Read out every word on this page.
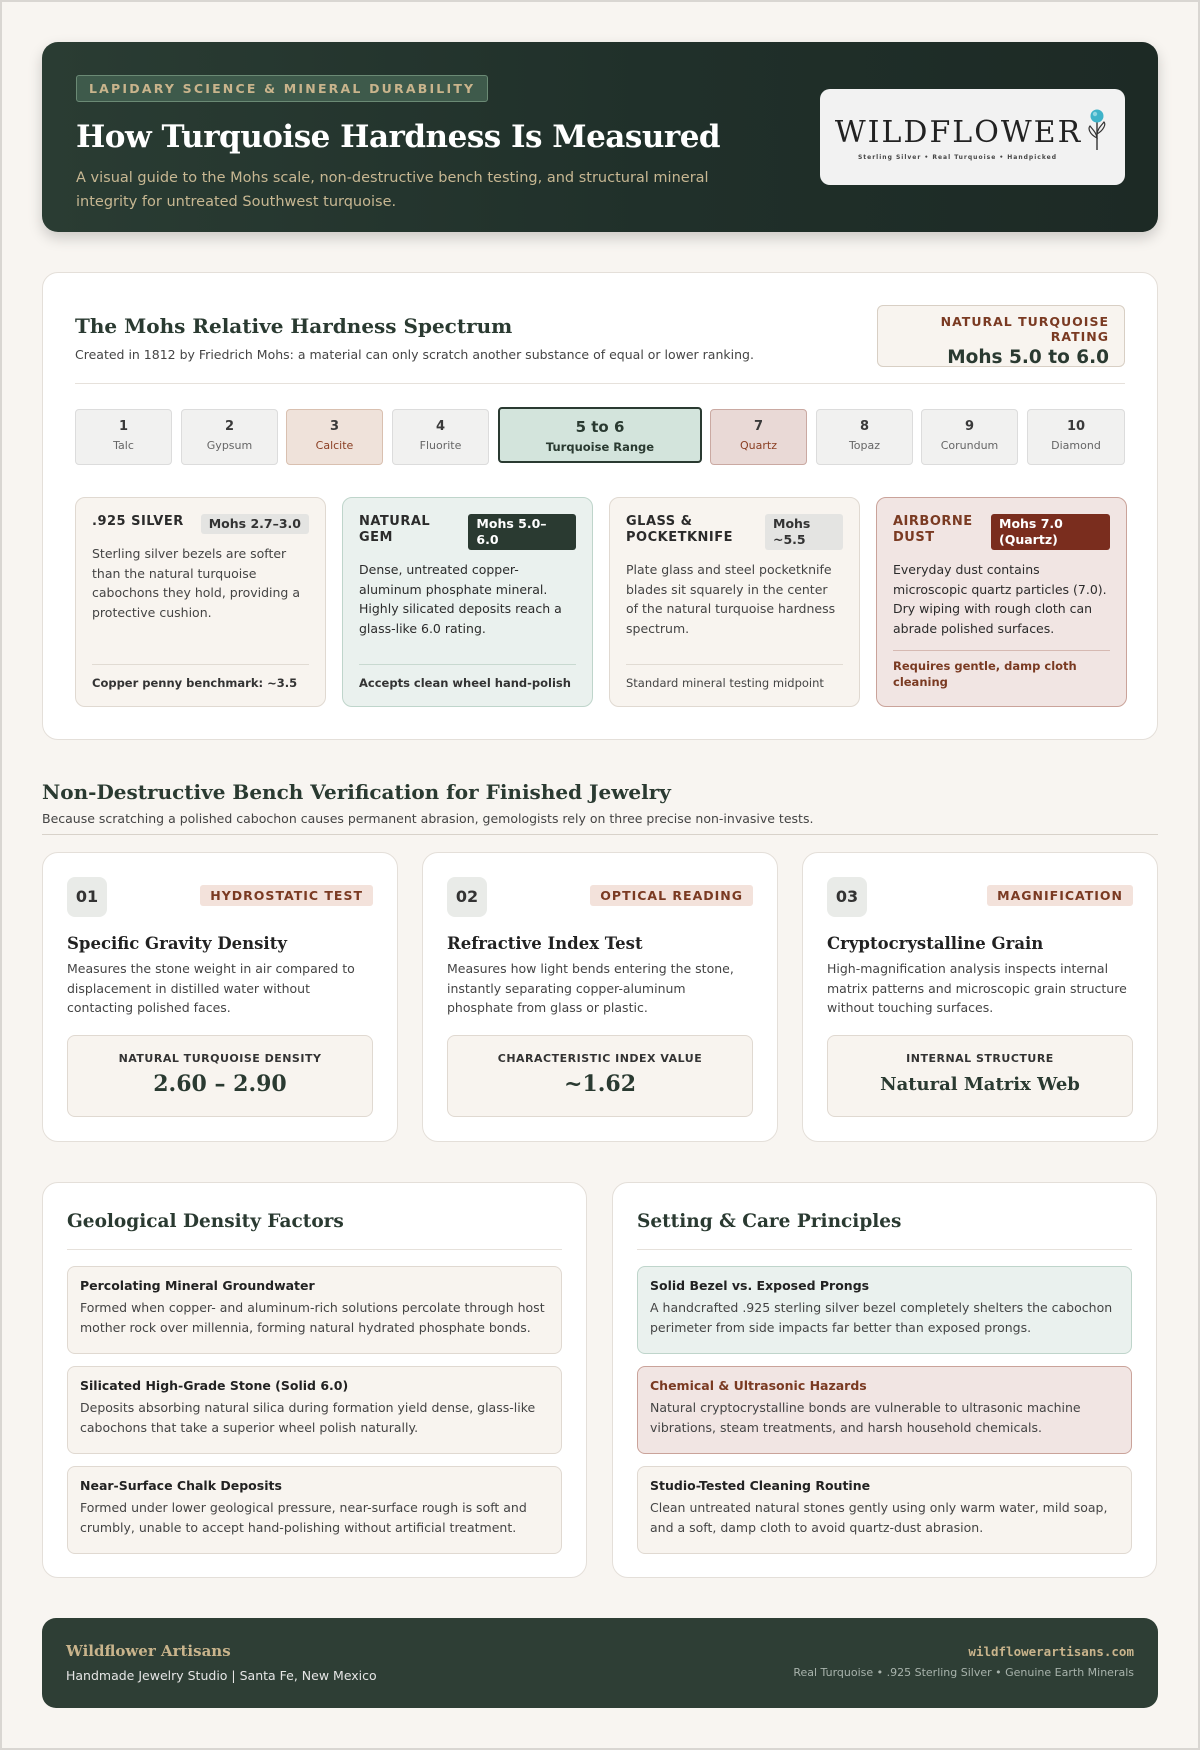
LAPIDARY SCIENCE & MINERAL DURABILITY
How Turquoise Hardness Is Measured

A visual guide to the Mohs scale, non-destructive bench testing, and structural mineral integrity for untreated Southwest turquoise.

WILDFLOWE R
Sterling Silver • Real Turquoise • Handpicked
The Mohs Relative Hardness Spectrum
Created in 1812 by Friedrich Mohs: a material can only scratch another substance of equal or lower ranking.
NATURAL TURQUOISE RATING
Mohs 5.0 to 6.0
1
Talc
2
Gypsum
3
Calcite
4
Fluorite
5 to 6
Turquoise Range
7
Quartz
8
Topaz
9
Corundum
10
Diamond
.925 SILVER	Mohs 2.7–3.0
Sterling silver bezels are softer than the natural turquoise cabochons they hold, providing a protective cushion.
Copper penny benchmark: ~3.5
NATURAL GEM
Mohs 5.0–6.0
Dense, untreated copper-aluminum phosphate mineral. Highly silicated deposits reach a glass-like 6.0 rating.
Accepts clean wheel hand-polish
GLASS & POCKETKNIFE
Mohs ~5.5
Plate glass and steel pocketknife blades sit squarely in the center of the natural turquoise hardness spectrum.
Standard mineral testing midpoint
AIRBORNE DUST
Mohs 7.0 (Quartz)
Everyday dust contains microscopic quartz particles (7.0). Dry wiping with rough cloth can abrade polished surfaces.
Requires gentle, damp cloth cleaning
Non-Destructive Bench Verification for Finished Jewelry

Because scratching a polished cabochon causes permanent abrasion, gemologists rely on three precise non-invasive tests.

01	HYDROSTATIC TEST
Specific Gravity Density

Measures the stone weight in air compared to displacement in distilled water without contacting polished faces.

NATURAL TURQUOISE DENSITY
2.60 – 2.90
02	OPTICAL READING
Refractive Index Test

Measures how light bends entering the stone, instantly separating copper-aluminum phosphate from glass or plastic.

CHARACTERISTIC INDEX VALUE
~1.62
03	MAGNIFICATION
Cryptocrystalline Grain

High-magnification analysis inspects internal matrix patterns and microscopic grain structure without touching surfaces.

INTERNAL STRUCTURE
Natural Matrix Web
Geological Density Factors
Percolating Mineral Groundwater
Formed when copper- and aluminum-rich solutions percolate through host mother rock over millennia, forming natural hydrated phosphate bonds.
Silicated High-Grade Stone (Solid 6.0)
Deposits absorbing natural silica during formation yield dense, glass-like cabochons that take a superior wheel polish naturally.
Near-Surface Chalk Deposits
Formed under lower geological pressure, near-surface rough is soft and crumbly, unable to accept hand-polishing without artificial treatment.
Setting & Care Principles
Solid Bezel vs. Exposed Prongs
A handcrafted .925 sterling silver bezel completely shelters the cabochon perimeter from side impacts far better than exposed prongs.
Chemical & Ultrasonic Hazards
Natural cryptocrystalline bonds are vulnerable to ultrasonic machine vibrations, steam treatments, and harsh household chemicals.
Studio-Tested Cleaning Routine
Clean untreated natural stones gently using only warm water, mild soap, and a soft, damp cloth to avoid quartz-dust abrasion.
Wildflower Artisans
Handmade Jewelry Studio | Santa Fe, New Mexico
wildflowerartisans.com
Real Turquoise • .925 Sterling Silver • Genuine Earth Minerals
